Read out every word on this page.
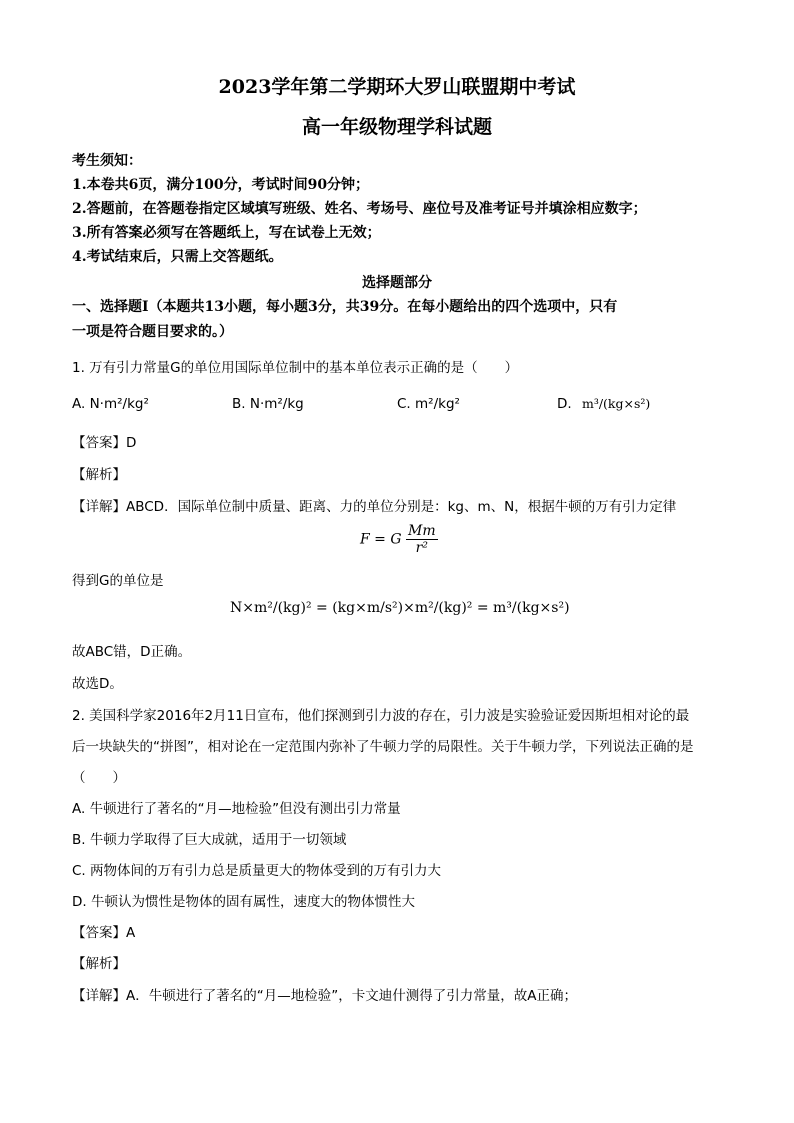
2023学年第二学期环大罗山联盟期中考试
高一年级物理学科试题
考生须知：
1.本卷共6页，满分100分，考试时间90分钟；
2.答题前，在答题卷指定区域填写班级、姓名、考场号、座位号及准考证号并填涂相应数字；
3.所有答案必须写在答题纸上，写在试卷上无效；
4.考试结束后，只需上交答题纸。
选择题部分
一、选择题Ⅰ（本题共13小题，每小题3分，共39分。在每小题给出的四个选项中，只有
一项是符合题目要求的。）
1. 万有引力常量G的单位用国际单位制中的基本单位表示正确的是（　　）
A. N·m²/kg²	B. N·m²/kg	C. m²/kg²	D. m³/(kg×s²)
【答案】D
【解析】
【详解】ABCD．国际单位制中质量、距离、力的单位分别是：kg、m、N，根据牛顿的万有引力定律
F = G $\frac{Mm}{\text{r²}}$
得到G的单位是
N×m²/(kg)² = (kg×m/s²)×m²/(kg)² = m³/(kg×s²)
故ABC错，D正确。
故选D。
2. 美国科学家2016年2月11日宣布，他们探测到引力波的存在，引力波是实验验证爱因斯坦相对论的最
后一块缺失的“拼图”，相对论在一定范围内弥补了牛顿力学的局限性。关于牛顿力学，下列说法正确的是
（　　）
A. 牛顿进行了著名的“月—地检验”但没有测出引力常量
B. 牛顿力学取得了巨大成就，适用于一切领域
C. 两物体间的万有引力总是质量更大的物体受到的万有引力大
D. 牛顿认为惯性是物体的固有属性，速度大的物体惯性大
【答案】A
【解析】
【详解】A．牛顿进行了著名的“月—地检验”，卡文迪什测得了引力常量，故A正确；
